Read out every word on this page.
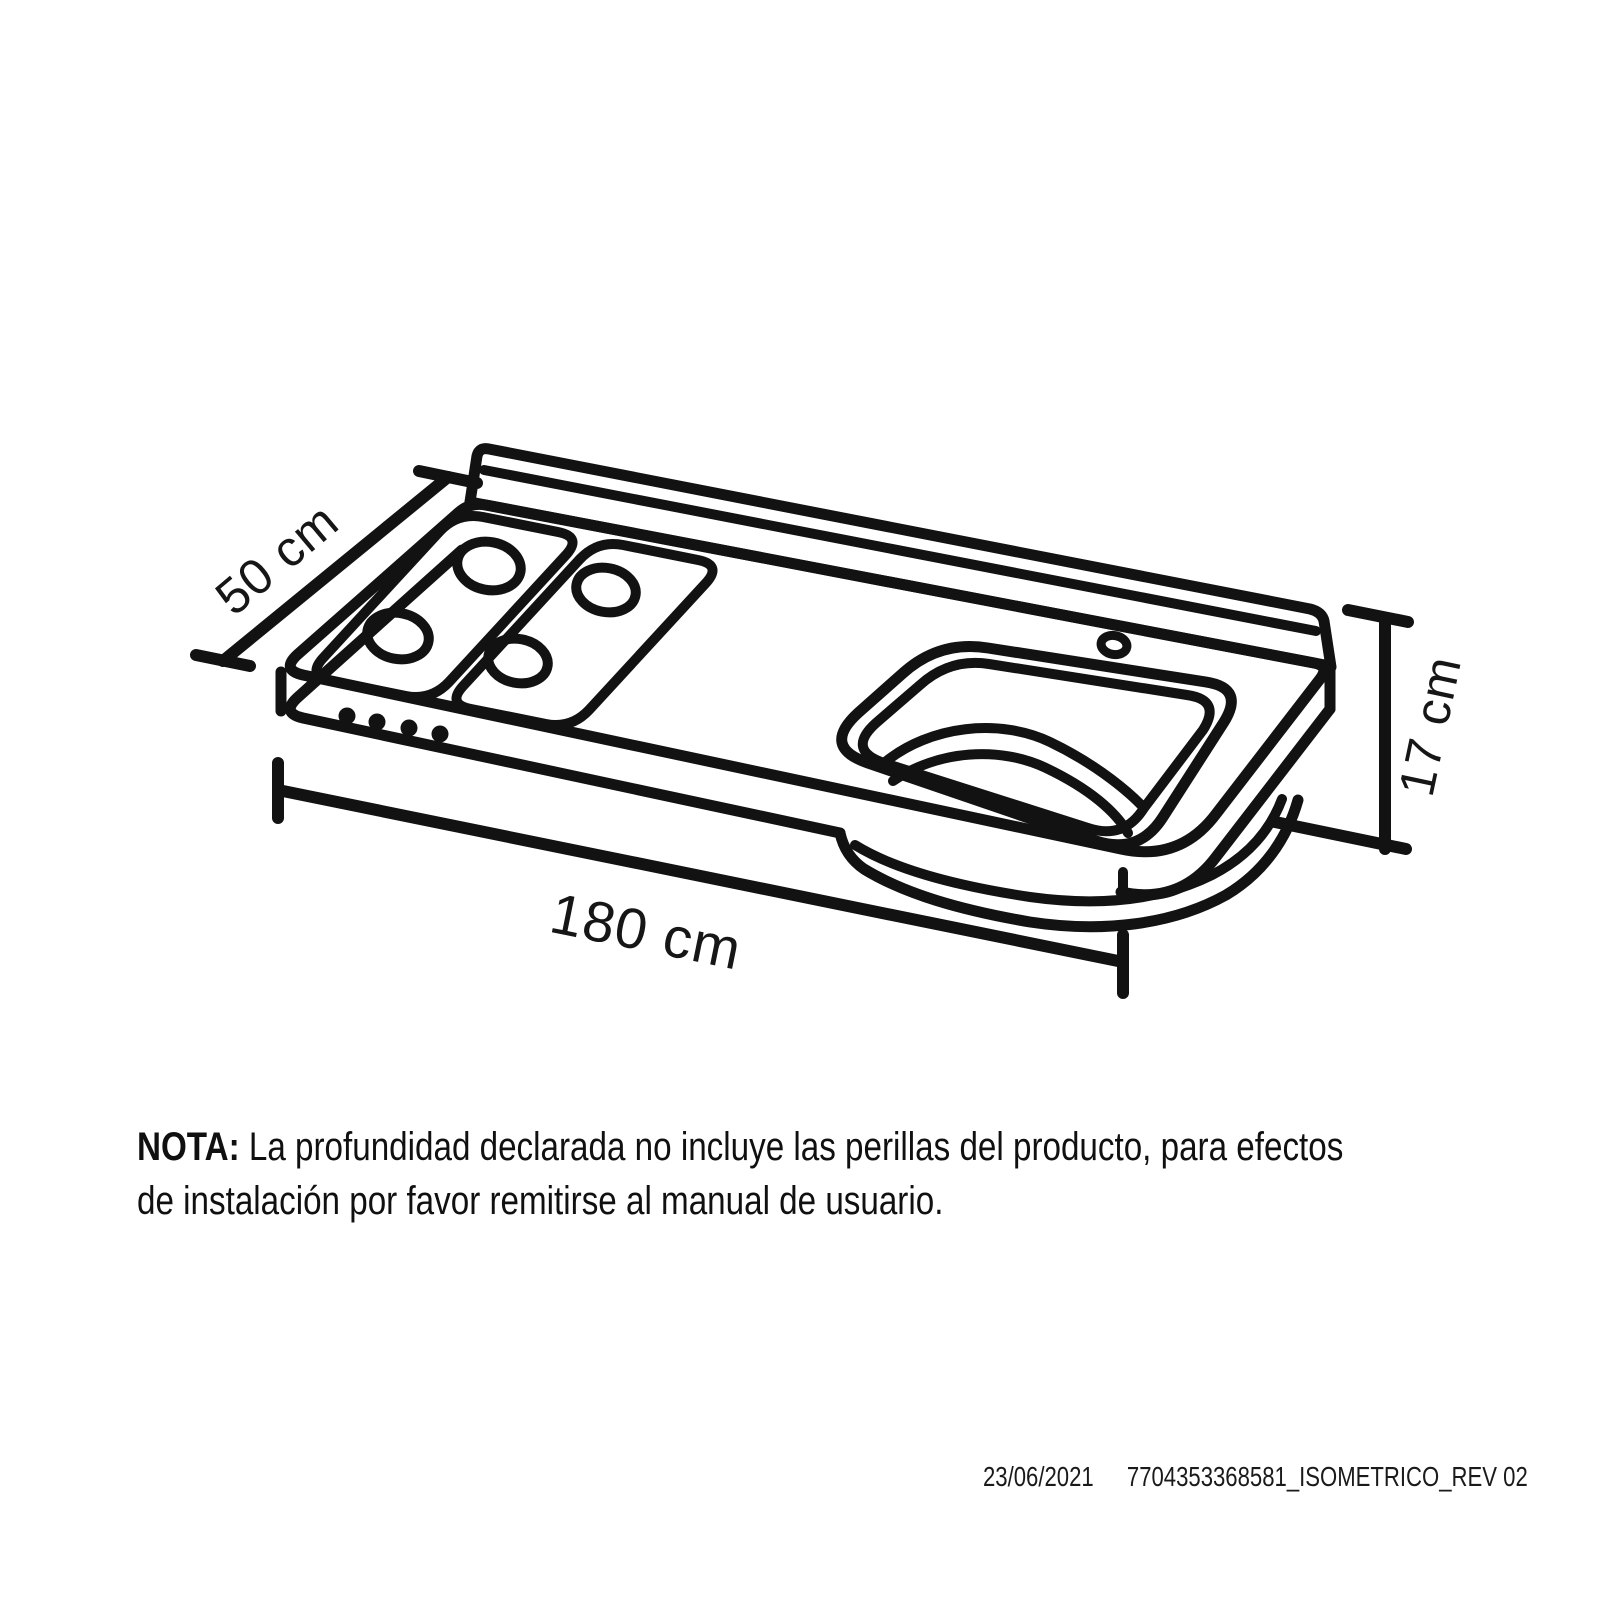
50 cm
180 cm
17 cm
NOTA: La profundidad declarada no incluye las perillas del producto, para efectos
de instalación por favor remitirse al manual de usuario.
23/06/2021 7704353368581_ISOMETRICO_REV 02
